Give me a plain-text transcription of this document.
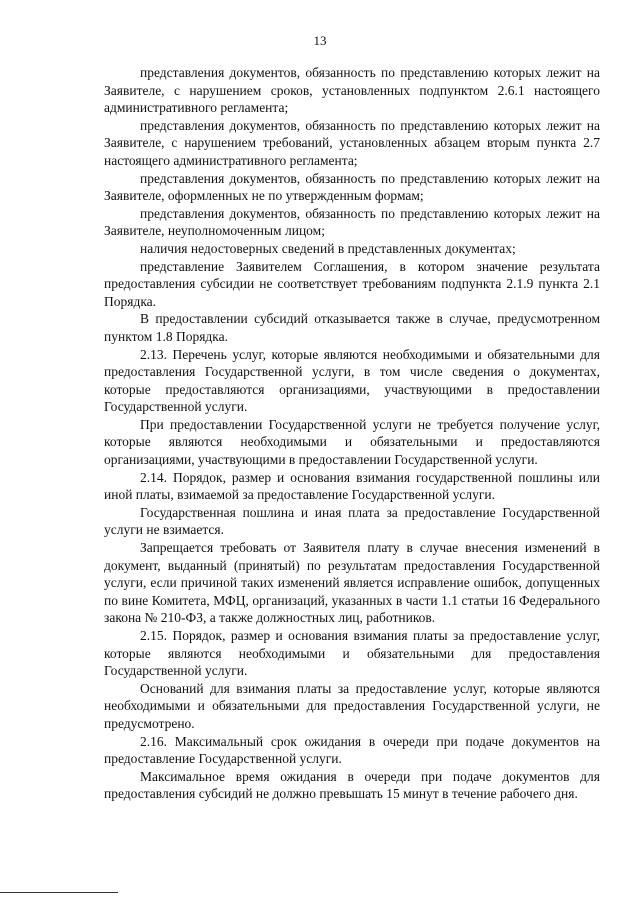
13

представления документов, обязанность по представлению которых лежит на Заявителе, с нарушением сроков, установленных подпунктом 2.6.1 настоящего административного регламента;

представления документов, обязанность по представлению которых лежит на Заявителе, с нарушением требований, установленных абзацем вторым пункта 2.7 настоящего административного регламента;

представления документов, обязанность по представлению которых лежит на Заявителе, оформленных не по утвержденным формам;

представления документов, обязанность по представлению которых лежит на Заявителе, неуполномоченным лицом;

наличия недостоверных сведений в представленных документах;

представление Заявителем Соглашения, в котором значение результата предоставления субсидии не соответствует требованиям подпункта 2.1.9 пункта 2.1 Порядка.

В предоставлении субсидий отказывается также в случае, предусмотренном пунктом 1.8 Порядка.

2.13. Перечень услуг, которые являются необходимыми и обязательными для предоставления Государственной услуги, в том числе сведения о документах, которые предоставляются организациями, участвующими в предоставлении Государственной услуги.

При предоставлении Государственной услуги не требуется получение услуг, которые являются необходимыми и обязательными и предоставляются организациями, участвующими в предоставлении Государственной услуги.

2.14. Порядок, размер и основания взимания государственной пошлины или иной платы, взимаемой за предоставление Государственной услуги.

Государственная пошлина и иная плата за предоставление Государственной услуги не взимается.

Запрещается требовать от Заявителя плату в случае внесения изменений в документ, выданный (принятый) по результатам предоставления Государственной услуги, если причиной таких изменений является исправление ошибок, допущенных по вине Комитета, МФЦ, организаций, указанных в части 1.1 статьи 16 Федерального закона № 210-ФЗ, а также должностных лиц, работников.

2.15. Порядок, размер и основания взимания платы за предоставление услуг, которые являются необходимыми и обязательными для предоставления Государственной услуги.

Оснований для взимания платы за предоставление услуг, которые являются необходимыми и обязательными для предоставления Государственной услуги, не предусмотрено.

2.16. Максимальный срок ожидания в очереди при подаче документов на предоставление Государственной услуги.

Максимальное время ожидания в очереди при подаче документов для предоставления субсидий не должно превышать 15 минут в течение рабочего дня.
